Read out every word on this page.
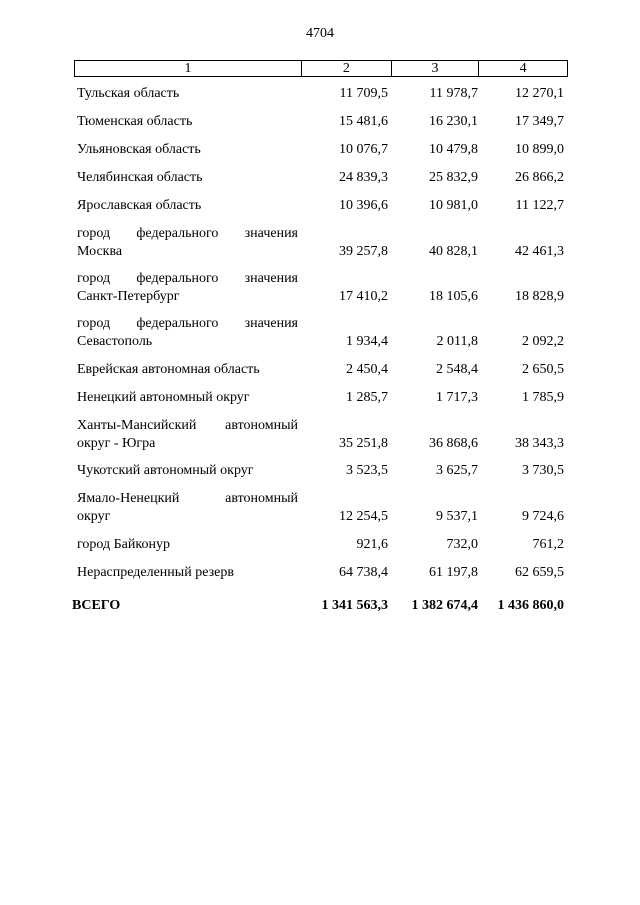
4704
1	2	3	4
Тульская область	11 709,5	11 978,7	12 270,1
Тюменская область	15 481,6	16 230,1	17 349,7
Ульяновская область	10 076,7	10 479,8	10 899,0
Челябинская область	24 839,3	25 832,9	26 866,2
Ярославская область	10 396,6	10 981,0	11 122,7
город федерального значения
Москва	39 257,8	40 828,1	42 461,3
город федерального значения
Санкт-Петербург	17 410,2	18 105,6	18 828,9
город федерального значения
Севастополь	1 934,4	2 011,8	2 092,2
Еврейская автономная область	2 450,4	2 548,4	2 650,5
Ненецкий автономный округ	1 285,7	1 717,3	1 785,9
Ханты-Мансийский автономный
округ - Югра	35 251,8	36 868,6	38 343,3
Чукотский автономный округ	3 523,5	3 625,7	3 730,5
Ямало-Ненецкий автономный
округ	12 254,5	9 537,1	9 724,6
город Байконур	921,6	732,0	761,2
Нераспределенный резерв	64 738,4	61 197,8	62 659,5
ВСЕГО	1 341 563,3	1 382 674,4	1 436 860,0
